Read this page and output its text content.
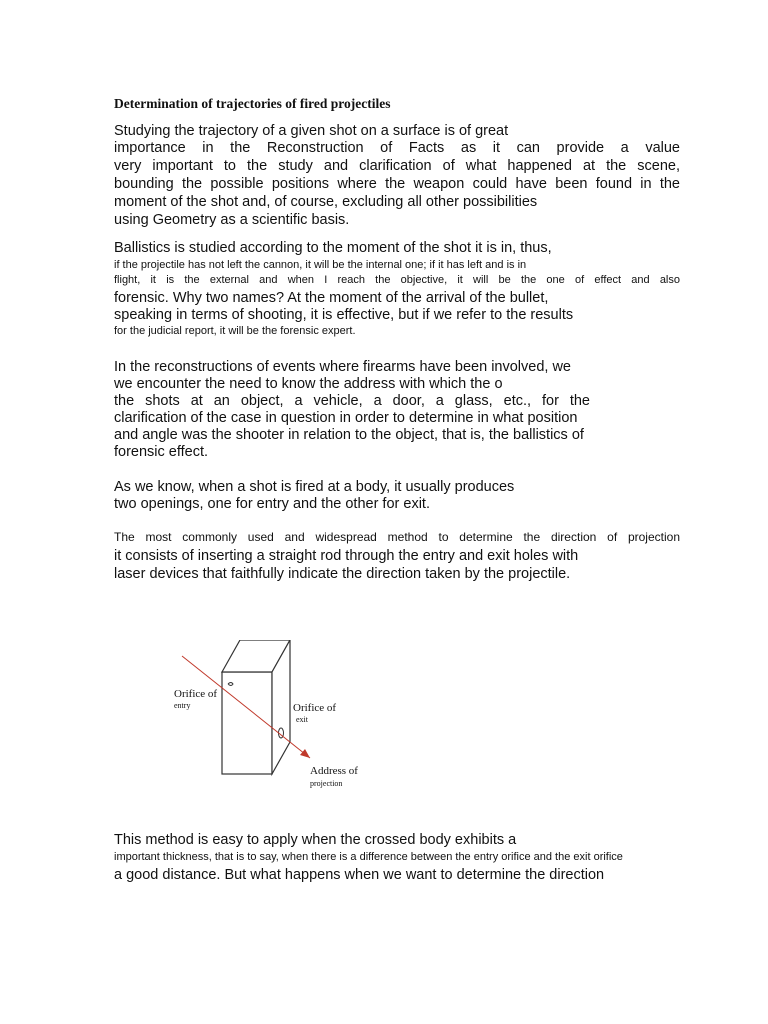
Determination of trajectories of fired projectiles
Studying the trajectory of a given shot on a surface is of great
importance in the Reconstruction of Facts as it can provide a value
very important to the study and clarification of what happened at the scene,
bounding the possible positions where the weapon could have been found in the
moment of the shot and, of course, excluding all other possibilities
using Geometry as a scientific basis.
Ballistics is studied according to the moment of the shot it is in, thus,
if the projectile has not left the cannon, it will be the internal one; if it has left and is in
flight, it is the external and when I reach the objective, it will be the one of effect and also
forensic. Why two names? At the moment of the arrival of the bullet,
speaking in terms of shooting, it is effective, but if we refer to the results
for the judicial report, it will be the forensic expert.
In the reconstructions of events where firearms have been involved, we
we encounter the need to know the address with which the o
the shots at an object, a vehicle, a door, a glass, etc., for the
clarification of the case in question in order to determine in what position
and angle was the shooter in relation to the object, that is, the ballistics of
forensic effect.
As we know, when a shot is fired at a body, it usually produces
two openings, one for entry and the other for exit.
The most commonly used and widespread method to determine the direction of projection
it consists of inserting a straight rod through the entry and exit holes with
laser devices that faithfully indicate the direction taken by the projectile.
Orifice of
entry	Orifice of
exit
Address of
projection
This method is easy to apply when the crossed body exhibits a
important thickness, that is to say, when there is a difference between the entry orifice and the exit orifice
a good distance. But what happens when we want to determine the direction
